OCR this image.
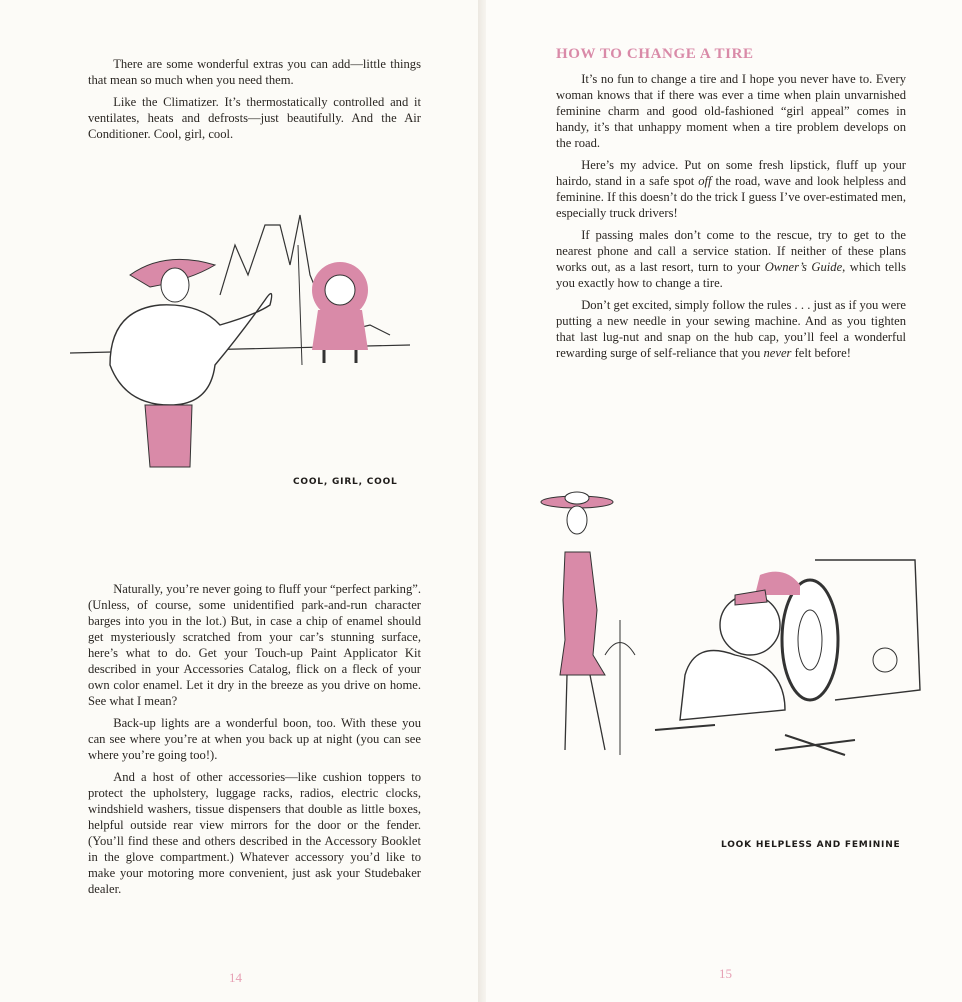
There are some wonderful extras you can add—little things that mean so much when you need them.

Like the Climatizer. It’s thermostatically controlled and it ventilates, heats and defrosts—just beautifully. And the Air Conditioner. Cool, girl, cool.

COOL, GIRL, COOL

Naturally, you’re never going to fluff your “perfect parking”. (Unless, of course, some unidentified park-and-run character barges into you in the lot.) But, in case a chip of enamel should get mysteriously scratched from your car’s stunning surface, here’s what to do. Get your Touch-up Paint Applicator Kit described in your Accessories Catalog, flick on a fleck of your own color enamel. Let it dry in the breeze as you drive on home. See what I mean?

Back-up lights are a wonderful boon, too. With these you can see where you’re at when you back up at night (you can see where you’re going too!).

And a host of other accessories—like cushion toppers to protect the upholstery, luggage racks, radios, electric clocks, windshield washers, tissue dispensers that double as little boxes, helpful outside rear view mirrors for the door or the fender. (You’ll find these and others described in the Accessory Booklet in the glove compartment.) Whatever accessory you’d like to make your motoring more convenient, just ask your Studebaker dealer.

14
HOW TO CHANGE A TIRE

It’s no fun to change a tire and I hope you never have to. Every woman knows that if there was ever a time when plain unvarnished feminine charm and good old-fashioned “girl appeal” comes in handy, it’s that unhappy moment when a tire problem develops on the road.

Here’s my advice. Put on some fresh lipstick, fluff up your hairdo, stand in a safe spot off the road, wave and look helpless and feminine. If this doesn’t do the trick I guess I’ve over-estimated men, especially truck drivers!

If passing males don’t come to the rescue, try to get to the nearest phone and call a service station. If neither of these plans works out, as a last resort, turn to your Owner’s Guide, which tells you exactly how to change a tire.

Don’t get excited, simply follow the rules . . . just as if you were putting a new needle in your sewing machine. And as you tighten that last lug-nut and snap on the hub cap, you’ll feel a wonderful rewarding surge of self-reliance that you never felt before!

LOOK HELPLESS AND FEMININE
15
